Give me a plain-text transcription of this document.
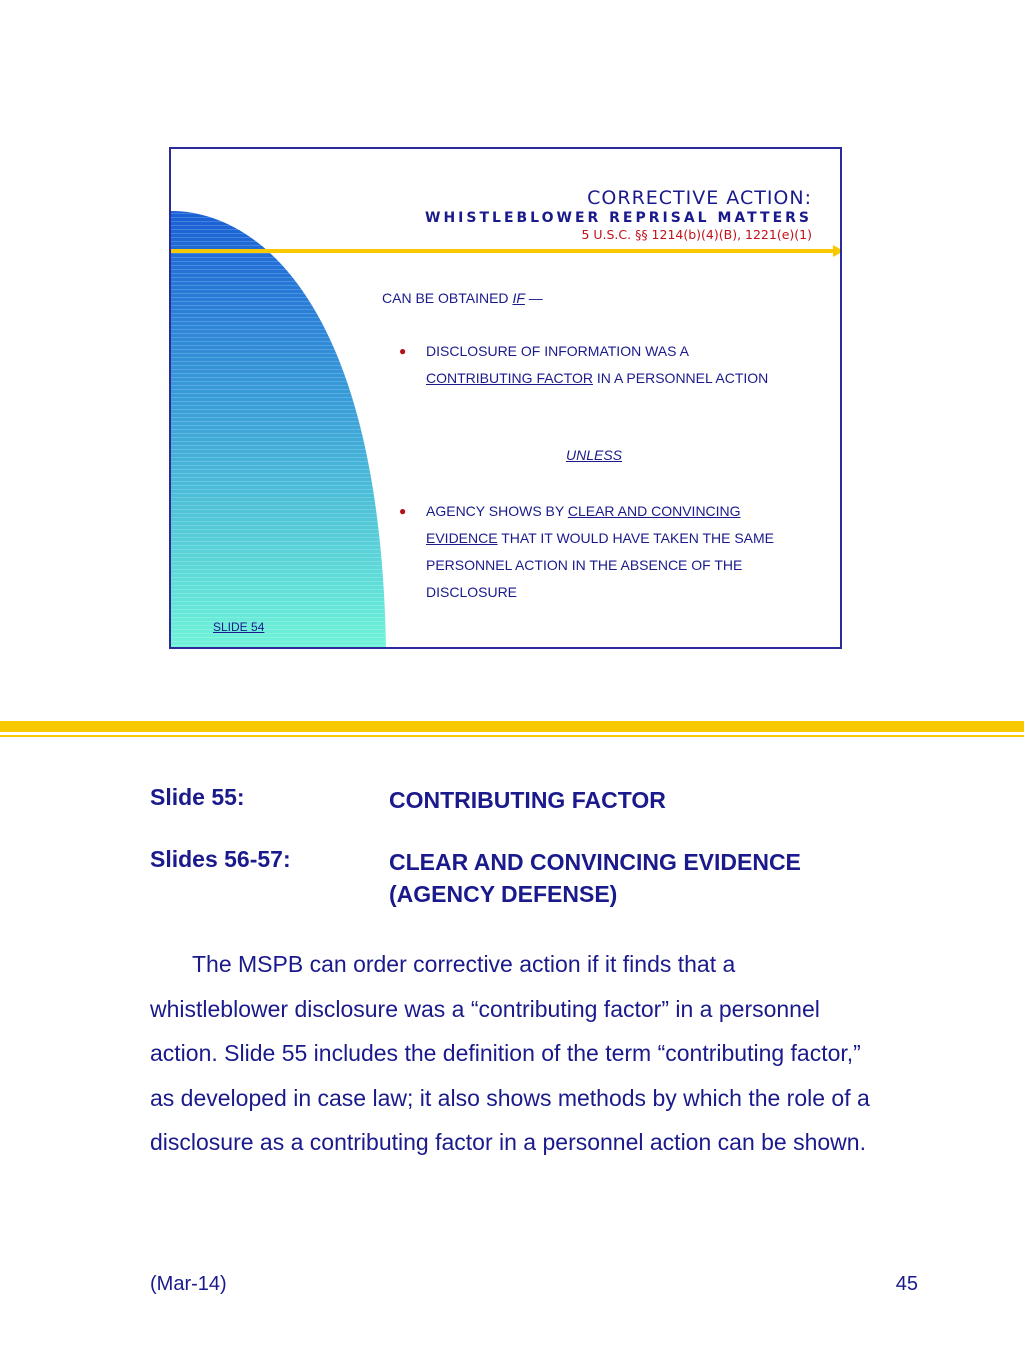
CORRECTIVE ACTION:
WHISTLEBLOWER REPRISAL MATTERS
5 U.S.C. §§ 1214(b)(4)(B), 1221(e)(1)
CAN BE OBTAINED IF —
● DISCLOSURE OF INFORMATION WAS A CONTRIBUTING FACTOR IN A PERSONNEL ACTION
UNLESS
● AGENCY SHOWS BY CLEAR AND CONVINCING EVIDENCE THAT IT WOULD HAVE TAKEN THE SAME PERSONNEL ACTION IN THE ABSENCE OF THE DISCLOSURE
SLIDE 54
Slide 55:	CONTRIBUTING FACTOR
Slides 56-57:	CLEAR AND CONVINCING EVIDENCE
(AGENCY DEFENSE)
The MSPB can order corrective action if it finds that a whistleblower disclosure was a “contributing factor” in a personnel action. Slide 55 includes the definition of the term “contributing factor,” as developed in case law; it also shows methods by which the role of a disclosure as a contributing factor in a personnel action can be shown.
(Mar-14)	45
